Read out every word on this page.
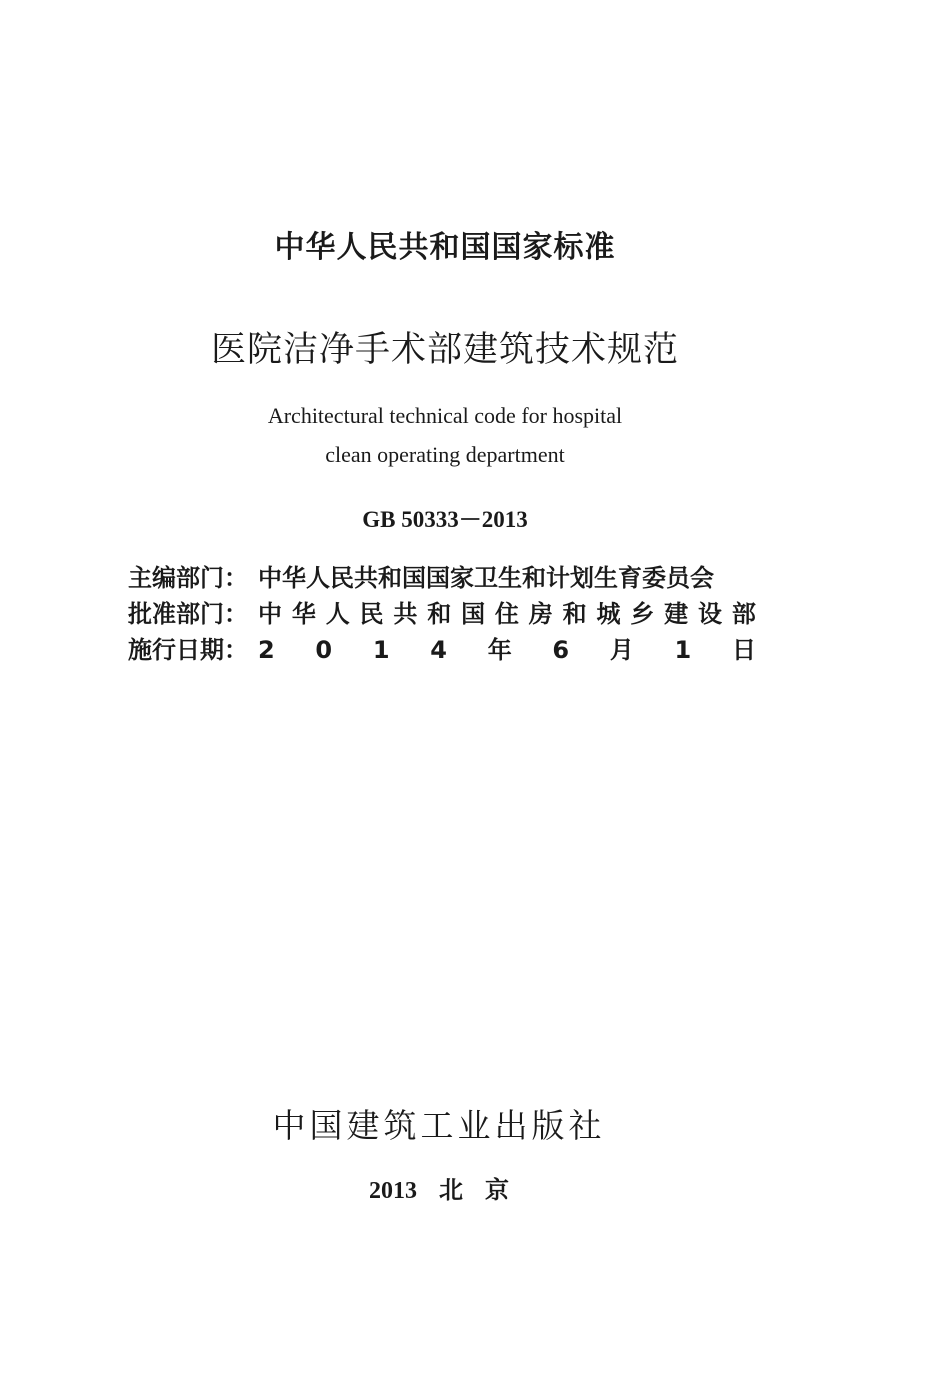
中华人民共和国国家标准
医院洁净手术部建筑技术规范
Architectural technical code for hospital
clean operating department
GB 50333－2013
主编部门： 中华人民共和国国家卫生和计划生育委员会
批准部门： 中 华 人 民 共 和 国 住 房 和 城 乡 建 设 部
施行日期： 2 0 1 4 年 6 月 1 日
中国建筑工业出版社
2013 北 京
